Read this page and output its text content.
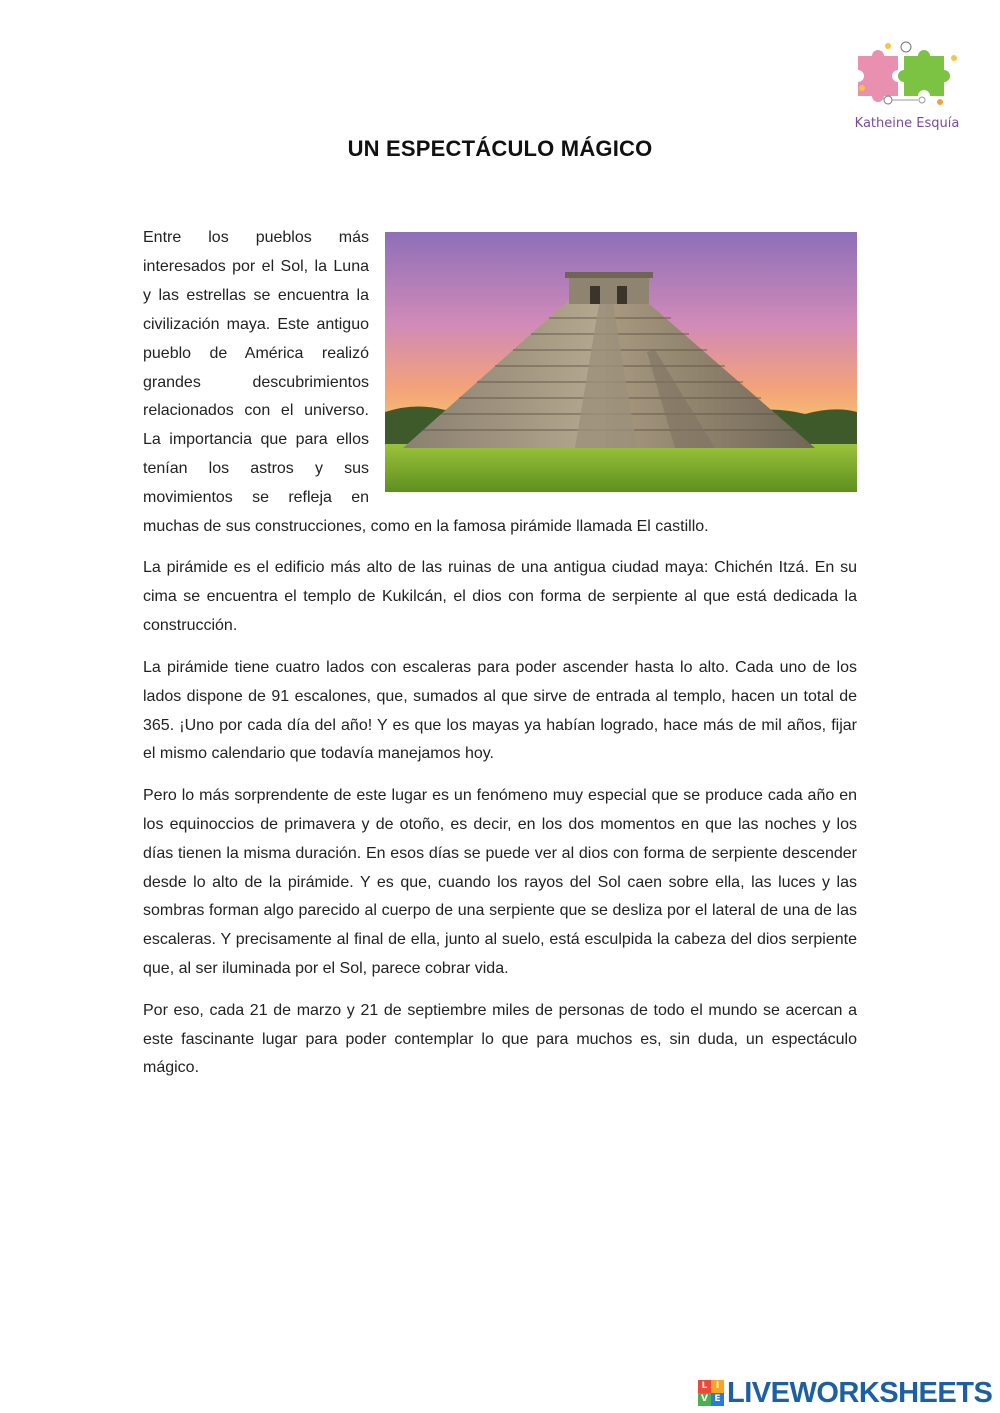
Katheine Esquía
UN ESPECTÁCULO MÁGICO

Entre los pueblos más interesados por el Sol, la Luna y las estrellas se encuentra la civilización maya. Este antiguo pueblo de América realizó grandes descubrimientos relacionados con el universo. La importancia que para ellos tenían los astros y sus movimientos se refleja en muchas de sus construcciones, como en la famosa pirámide llamada El castillo.

La pirámide es el edificio más alto de las ruinas de una antigua ciudad maya: Chichén Itzá. En su cima se encuentra el templo de Kukilcán, el dios con forma de serpiente al que está dedicada la construcción.

La pirámide tiene cuatro lados con escaleras para poder ascender hasta lo alto. Cada uno de los lados dispone de 91 escalones, que, sumados al que sirve de entrada al templo, hacen un total de 365. ¡Uno por cada día del año! Y es que los mayas ya habían logrado, hace más de mil años, fijar el mismo calendario que todavía manejamos hoy.

Pero lo más sorprendente de este lugar es un fenómeno muy especial que se produce cada año en los equinoccios de primavera y de otoño, es decir, en los dos momentos en que las noches y los días tienen la misma duración. En esos días se puede ver al dios con forma de serpiente descender desde lo alto de la pirámide. Y es que, cuando los rayos del Sol caen sobre ella, las luces y las sombras forman algo parecido al cuerpo de una serpiente que se desliza por el lateral de una de las escaleras. Y precisamente al final de ella, junto al suelo, está esculpida la cabeza del dios serpiente que, al ser iluminada por el Sol, parece cobrar vida.

Por eso, cada 21 de marzo y 21 de septiembre miles de personas de todo el mundo se acercan a este fascinante lugar para poder contemplar lo que para muchos es, sin duda, un espectáculo mágico.

L I
V E LIVEWORKSHEETS
